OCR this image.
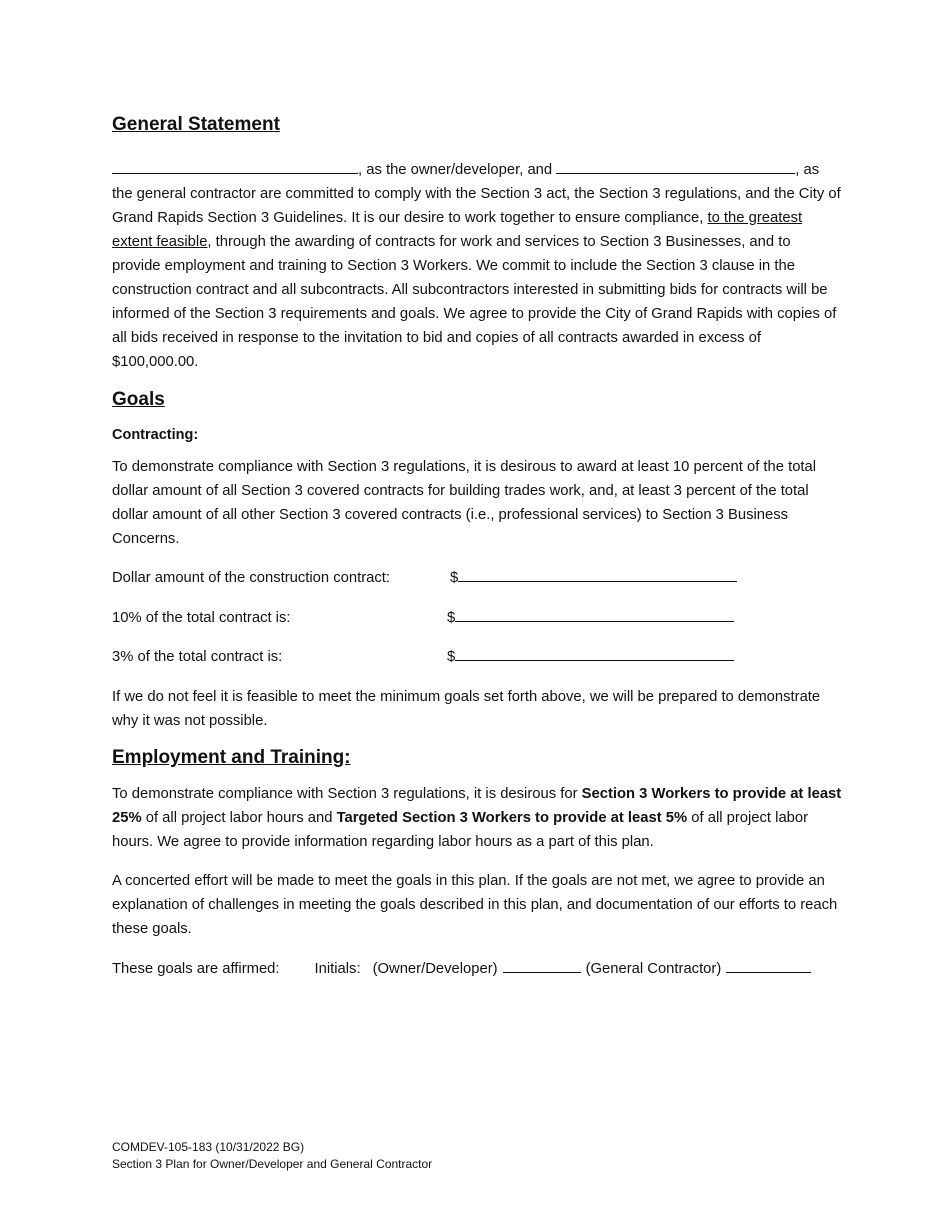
General Statement

, as the owner/developer, and	, as the general contractor are committed to comply with the Section 3 act, the Section 3 regulations, and the City of Grand Rapids Section 3 Guidelines. It is our desire to work together to ensure compliance, to the greatest extent feasible, through the awarding of contracts for work and services to Section 3 Businesses, and to provide employment and training to Section 3 Workers. We commit to include the Section 3 clause in the construction contract and all subcontracts. All subcontractors interested in submitting bids for contracts will be informed of the Section 3 requirements and goals. We agree to provide the City of Grand Rapids with copies of all bids received in response to the invitation to bid and copies of all contracts awarded in excess of $100,000.00.

Goals
Contracting:

To demonstrate compliance with Section 3 regulations, it is desirous to award at least 10 percent of the total dollar amount of all Section 3 covered contracts for building trades work, and, at least 3 percent of the total dollar amount of all other Section 3 covered contracts (i.e., professional services) to Section 3 Business Concerns.

Dollar amount of the construction contract:	$
10% of the total contract is:	$
3% of the total contract is:	$

If we do not feel it is feasible to meet the minimum goals set forth above, we will be prepared to demonstrate why it was not possible.

Employment and Training:

To demonstrate compliance with Section 3 regulations, it is desirous for Section 3 Workers to provide at least 25% of all project labor hours and Targeted Section 3 Workers to provide at least 5% of all project labor hours. We agree to provide information regarding labor hours as a part of this plan.

A concerted effort will be made to meet the goals in this plan. If the goals are not met, we agree to provide an explanation of challenges in meeting the goals described in this plan, and documentation of our efforts to reach these goals.

These goals are affirmed: Initials: (Owner/Developer)	(General Contractor)
COMDEV-105-183 (10/31/2022 BG)
Section 3 Plan for Owner/Developer and General Contractor
